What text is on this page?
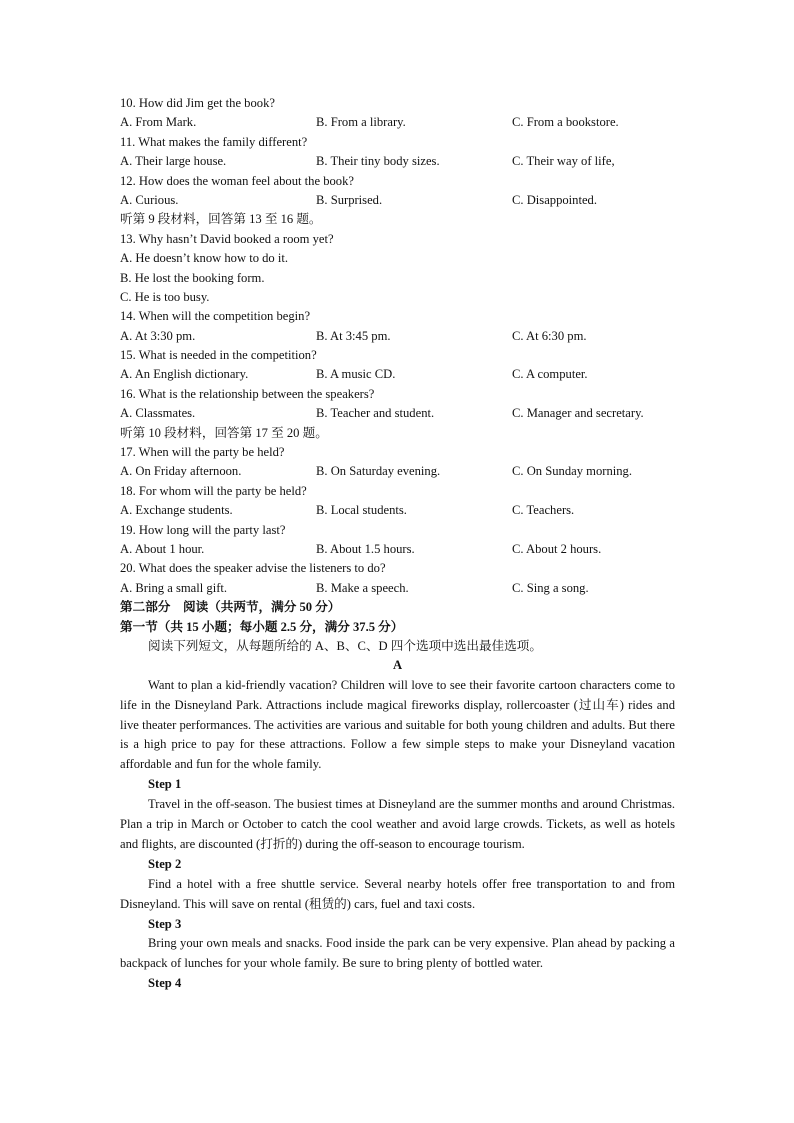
10. How did Jim get the book?
A. From Mark.	B. From a library.	C. From a bookstore.
11. What makes the family different?
A. Their large house.	B. Their tiny body sizes.	C. Their way of life,
12. How does the woman feel about the book?
A. Curious.	B. Surprised.	C. Disappointed.
听第 9 段材料，回答第 13 至 16 题。
13. Why hasn’t David booked a room yet?
A. He doesn’t know how to do it.
B. He lost the booking form.
C. He is too busy.
14. When will the competition begin?
A. At 3:30 pm.	B. At 3:45 pm.	C. At 6:30 pm.
15. What is needed in the competition?
A. An English dictionary.	B. A music CD.	C. A computer.
16. What is the relationship between the speakers?
A. Classmates.	B. Teacher and student.	C. Manager and secretary.
听第 10 段材料，回答第 17 至 20 题。
17. When will the party be held?
A. On Friday afternoon.	B. On Saturday evening.	C. On Sunday morning.
18. For whom will the party be held?
A. Exchange students.	B. Local students.	C. Teachers.
19. How long will the party last?
A. About 1 hour.	B. About 1.5 hours.	C. About 2 hours.
20. What does the speaker advise the listeners to do?
A. Bring a small gift.	B. Make a speech.	C. Sing a song.
第二部分　阅读（共两节，满分 50 分）
第一节（共 15 小题；每小题 2.5 分，满分 37.5 分）
阅读下列短文，从每题所给的 A、B、C、D 四个选项中选出最佳选项。
A

Want to plan a kid-friendly vacation? Children will love to see their favorite cartoon characters come to life in the Disneyland Park. Attractions include magical fireworks display, rollercoaster (过山车) rides and live theater performances. The activities are various and suitable for both young children and adults. But there is a high price to pay for these attractions. Follow a few simple steps to make your Disneyland vacation affordable and fun for the whole family.

Step 1

Travel in the off-season. The busiest times at Disneyland are the summer months and around Christmas. Plan a trip in March or October to catch the cool weather and avoid large crowds. Tickets, as well as hotels and flights, are discounted (打折的) during the off-season to encourage tourism.

Step 2

Find a hotel with a free shuttle service. Several nearby hotels offer free transportation to and from Disneyland. This will save on rental (租赁的) cars, fuel and taxi costs.

Step 3

Bring your own meals and snacks. Food inside the park can be very expensive. Plan ahead by packing a backpack of lunches for your whole family. Be sure to bring plenty of bottled water.

Step 4
